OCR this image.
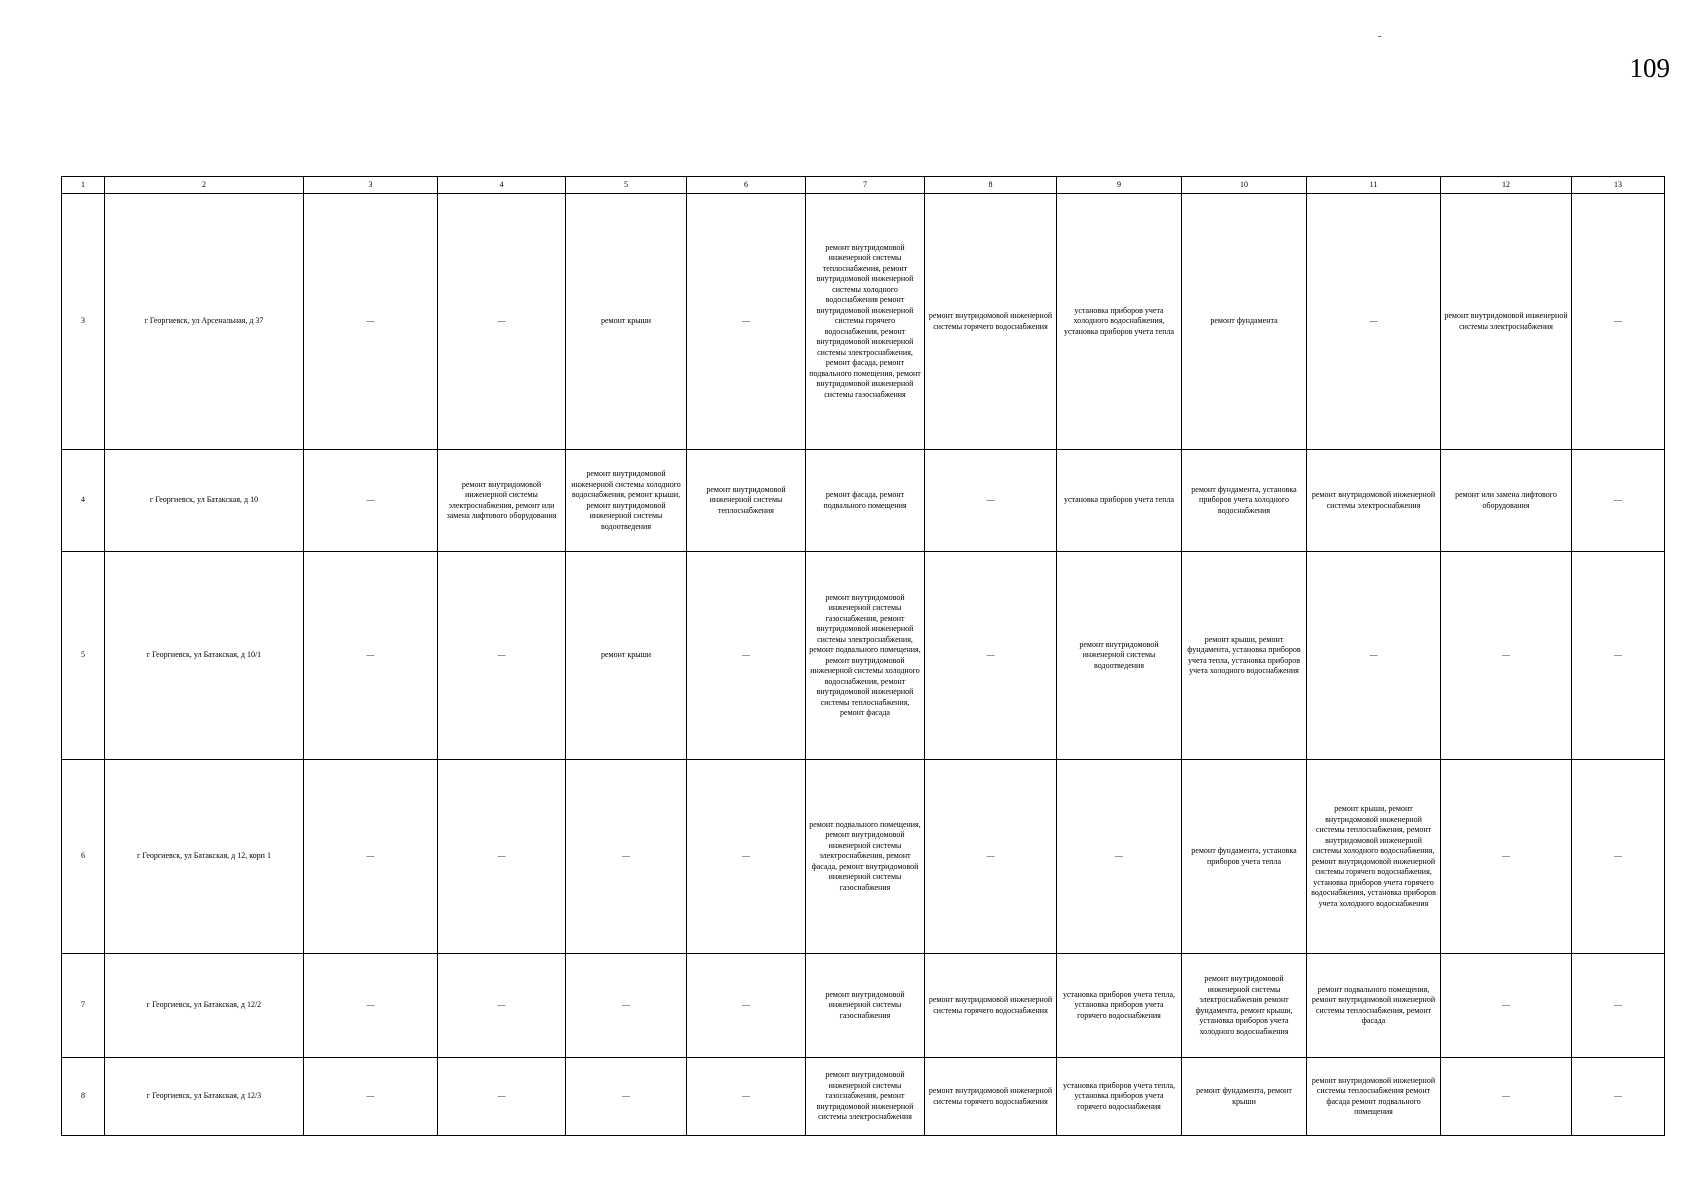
109
1	2	3	4	5	6	7	8	9	10	11	12	13
3	г Георгиевск, ул Арсенальная, д 37	—	—	ремонт крыши	—	ремонт внутридомовой инженерной системы теплоснабжения, ремонт внутридомовой инженерной системы холодного водоснабжения ремонт внутридомовой инженерной системы горячего водоснабжения, ремонт внутридомовой инженерной системы электроснабжения, ремонт фасада, ремонт подвального помещения, ремонт внутридомовой инженерной системы газоснабжения	ремонт внутридомовой инженерной системы горячего водоснабжения	установка приборов учета холодного водоснабжения, установка приборов учета тепла	ремонт фундамента	—	ремонт внутридомовой инженерной системы электроснабжения	—
4	г Георгиевск, ул Батакская, д 10	—	ремонт внутридомовой инженерной системы электроснабжения, ремонт или замена лифтового оборудования	ремонт внутридомовой инженерной системы холодного водоснабжения, ремонт крыши, ремонт внутридомовой инженерной системы водоотведения	ремонт внутридомовой инженерной системы теплоснабжения	ремонт фасада, ремонт подвального помещения	—	установка приборов учета тепла	ремонт фундамента, установка приборов учета холодного водоснабжения	ремонт внутридомовой инженерной системы электроснабжения	ремонт или замена лифтового оборудования	—
5	г Георгиевск, ул Батакская, д 10/1	—	—	ремонт крыши	—	ремонт внутридомовой инженерной системы газоснабжения, ремонт внутридомовой инженерной системы электроснабжения, ремонт подвального помещения, ремонт внутридомовой инженерной системы холодного водоснабжения, ремонт внутридомовой инженерной системы теплоснабжения, ремонт фасада	—	ремонт внутридомовой инженерной системы водоотведения	ремонт крыши, ремонт фундамента, установка приборов учета тепла, установка приборов учета холодного водоснабжения	—	—	—
6	г Георгиевск, ул Батакская, д 12, корп 1	—	—	—	—	ремонт подвального помещения, ремонт внутридомовой инженерной системы электроснабжения, ремонт фасада, ремонт внутридомовой инженерной системы газоснабжения	—	—	ремонт фундамента, установка приборов учета тепла	ремонт крыши, ремонт внутридомовой инженерной системы теплоснабжения, ремонт внутридомовой инженерной системы холодного водоснабжения, ремонт внутридомовой инженерной системы горячего водоснабжения, установка приборов учета горячего водоснабжения, установка приборов учета холодного водоснабжения	—	—
7	г Георгиевск, ул Батакская, д 12/2	—	—	—	—	ремонт внутридомовой инженерной системы газоснабжения	ремонт внутридомовой инженерной системы горячего водоснабжения	установка приборов учета тепла, установка приборов учета горячего водоснабжения	ремонт внутридомовой инженерной системы электроснабжения ремонт фундамента, ремонт крыши, установка приборов учета холодного водоснабжения	ремонт подвального помещения, ремонт внутридомовой инженерной системы теплоснабжения, ремонт фасада	—	—
8	г Георгиевск, ул Батакская, д 12/3	—	—	—	—	ремонт внутридомовой инженерной системы газоснабжения, ремонт внутридомовой инженерной системы электроснабжения	ремонт внутридомовой инженерной системы горячего водоснабжения	установка приборов учета тепла, установка приборов учета горячего водоснабжения	ремонт фундамента, ремонт крыши	ремонт внутридомовой инженерной системы теплоснабжения ремонт фасада ремонт подвального помещения	—	—
